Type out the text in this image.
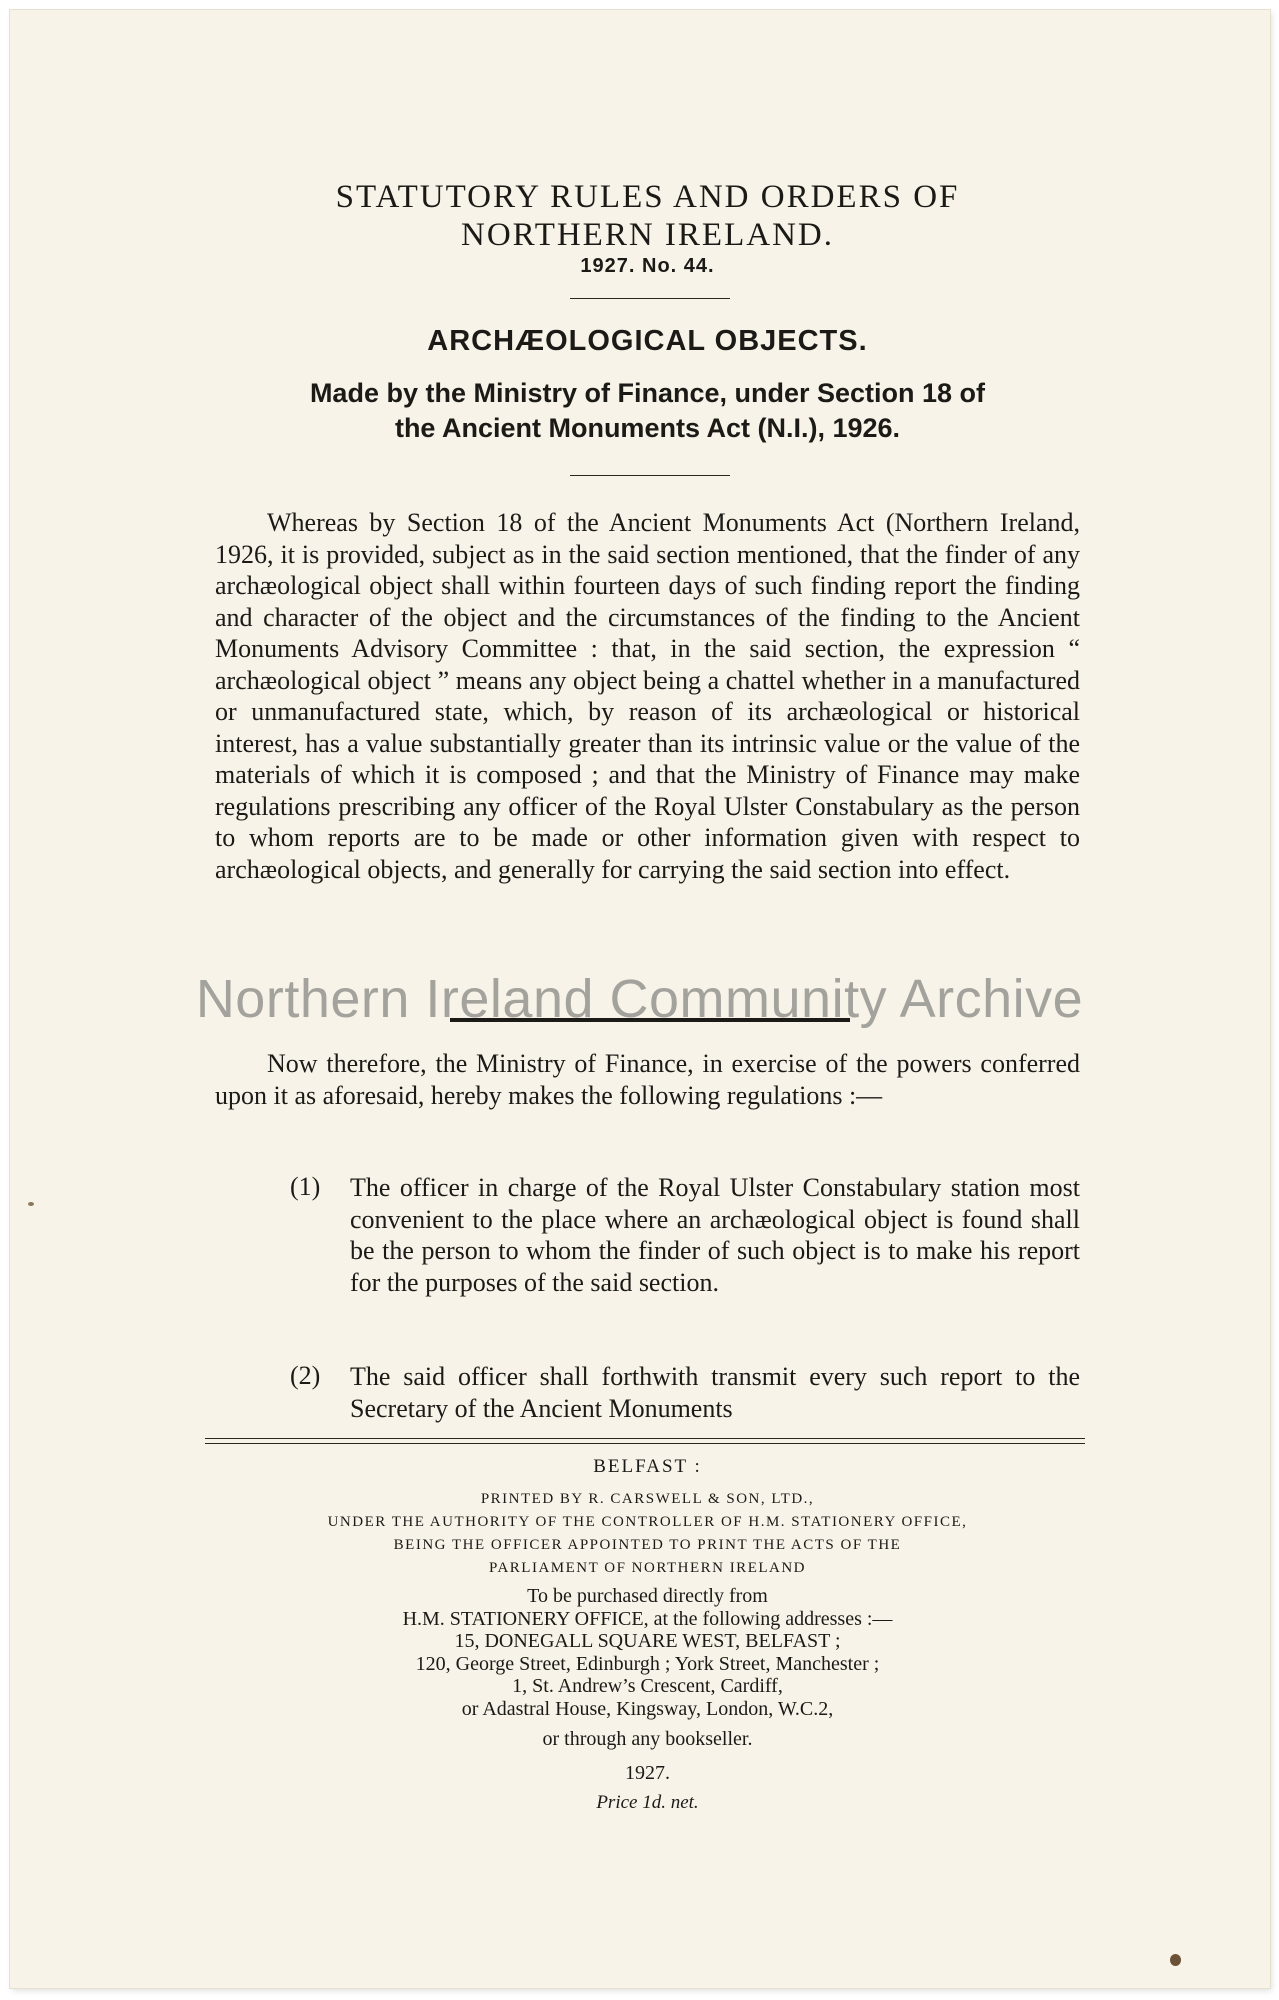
STATUTORY RULES AND ORDERS OF
NORTHERN IRELAND.
1927. No. 44.
ARCHÆOLOGICAL OBJECTS.
Made by the Ministry of Finance, under Section 18 of
the Ancient Monuments Act (N.I.), 1926.
Whereas by Section 18 of the Ancient Monuments Act (Northern Ireland, 1926, it is provided, subject as in the said section mentioned, that the finder of any archæological object shall within fourteen days of such finding report the finding and character of the object and the circumstances of the finding to the Ancient Monuments Advisory Committee : that, in the said section, the expression “ archæological object ” means any object being a chattel whether in a manufactured or unmanufactured state, which, by reason of its archæological or historical interest, has a value substantially greater than its intrinsic value or the value of the materials of which it is composed ; and that the Ministry of Finance may make regulations prescribing any officer of the Royal Ulster Constabulary as the person to whom reports are to be made or other information given with respect to archæological objects, and generally for carrying the said section into effect.
Now therefore, the Ministry of Finance, in exercise of the powers conferred upon it as aforesaid, hereby makes the following regulations :—
(1) The officer in charge of the Royal Ulster Constabulary station most convenient to the place where an archæological object is found shall be the person to whom the finder of such object is to make his report for the purposes of the said section.
(2) The said officer shall forthwith transmit every such report to the Secretary of the Ancient Monuments
BELFAST :
PRINTED BY R. CARSWELL & SON, LTD.,
UNDER THE AUTHORITY OF THE CONTROLLER OF H.M. STATIONERY OFFICE,
BEING THE OFFICER APPOINTED TO PRINT THE ACTS OF THE
PARLIAMENT OF NORTHERN IRELAND
To be purchased directly from
H.M. STATIONERY OFFICE, at the following addresses :—
15, DONEGALL SQUARE WEST, BELFAST ;
120, George Street, Edinburgh ; York Street, Manchester ;
1, St. Andrew’s Crescent, Cardiff,
or Adastral House, Kingsway, London, W.C.2,
or through any bookseller.
1927.
Price 1d. net.
Northern Ireland Community Archive
